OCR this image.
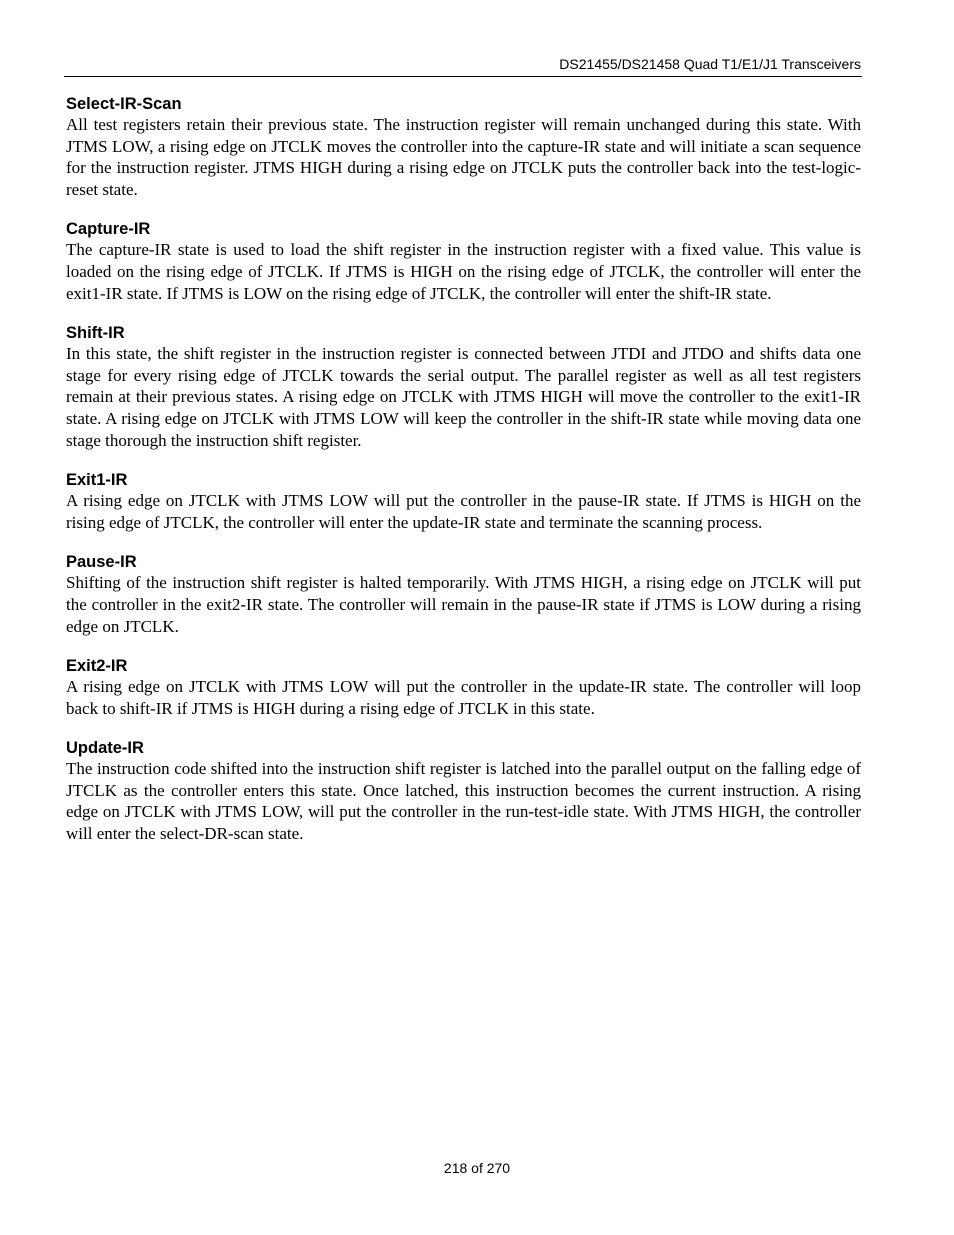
DS21455/DS21458 Quad T1/E1/J1 Transceivers
Select-IR-Scan

All test registers retain their previous state. The instruction register will remain unchanged during this state. With JTMS LOW, a rising edge on JTCLK moves the controller into the capture-IR state and will initiate a scan sequence for the instruction register. JTMS HIGH during a rising edge on JTCLK puts the controller back into the test-logic-reset state.

Capture-IR

The capture-IR state is used to load the shift register in the instruction register with a fixed value. This value is loaded on the rising edge of JTCLK. If JTMS is HIGH on the rising edge of JTCLK, the controller will enter the exit1-IR state. If JTMS is LOW on the rising edge of JTCLK, the controller will enter the shift-IR state.

Shift-IR

In this state, the shift register in the instruction register is connected between JTDI and JTDO and shifts data one stage for every rising edge of JTCLK towards the serial output. The parallel register as well as all test registers remain at their previous states. A rising edge on JTCLK with JTMS HIGH will move the controller to the exit1-IR state. A rising edge on JTCLK with JTMS LOW will keep the controller in the shift-IR state while moving data one stage thorough the instruction shift register.

Exit1-IR

A rising edge on JTCLK with JTMS LOW will put the controller in the pause-IR state. If JTMS is HIGH on the rising edge of JTCLK, the controller will enter the update-IR state and terminate the scanning process.

Pause-IR

Shifting of the instruction shift register is halted temporarily. With JTMS HIGH, a rising edge on JTCLK will put the controller in the exit2-IR state. The controller will remain in the pause-IR state if JTMS is LOW during a rising edge on JTCLK.

Exit2-IR

A rising edge on JTCLK with JTMS LOW will put the controller in the update-IR state. The controller will loop back to shift-IR if JTMS is HIGH during a rising edge of JTCLK in this state.

Update-IR

The instruction code shifted into the instruction shift register is latched into the parallel output on the falling edge of JTCLK as the controller enters this state. Once latched, this instruction becomes the current instruction. A rising edge on JTCLK with JTMS LOW, will put the controller in the run-test-idle state. With JTMS HIGH, the controller will enter the select-DR-scan state.

218 of 270
